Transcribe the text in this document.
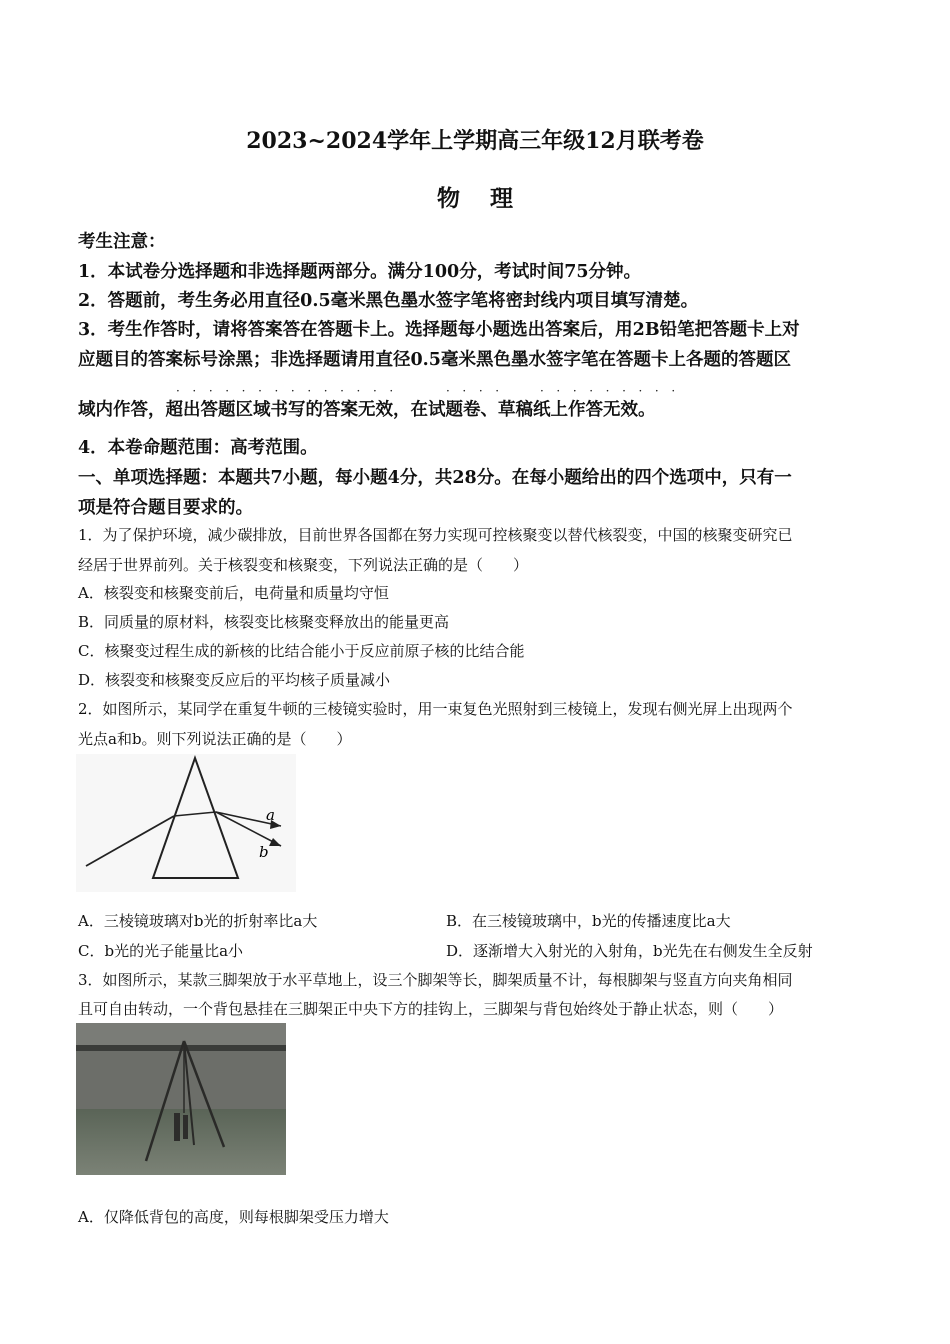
2023~2024学年上学期高三年级12月联考卷
物理
考生注意：
1．本试卷分选择题和非选择题两部分。满分100分，考试时间75分钟。
2．答题前，考生务必用直径0.5毫米黑色墨水签字笔将密封线内项目填写清楚。
3．考生作答时，请将答案答在答题卡上。选择题每小题选出答案后，用2B铅笔把答题卡上对
应题目的答案标号涂黑；非选择题请用直径0.5毫米黑色墨水签字笔在答题卡上各题的答题区
··············	···· ·········
域内作答，超出答题区域书写的答案无效，在试题卷、草稿纸上作答无效。
4．本卷命题范围：高考范围。
一、单项选择题：本题共7小题，每小题4分，共28分。在每小题给出的四个选项中，只有一
项是符合题目要求的。
1．为了保护环境，减少碳排放，目前世界各国都在努力实现可控核聚变以替代核裂变，中国的核聚变研究已
经居于世界前列。关于核裂变和核聚变，下列说法正确的是（　　）
A．核裂变和核聚变前后，电荷量和质量均守恒
B．同质量的原材料，核裂变比核聚变释放出的能量更高
C．核聚变过程生成的新核的比结合能小于反应前原子核的比结合能
D．核裂变和核聚变反应后的平均核子质量减小
2．如图所示，某同学在重复牛顿的三棱镜实验时，用一束复色光照射到三棱镜上，发现右侧光屏上出现两个
光点a和b。则下列说法正确的是（　　）
a
b
A．三棱镜玻璃对b光的折射率比a大	B．在三棱镜玻璃中，b光的传播速度比a大
C．b光的光子能量比a小	D．逐渐增大入射光的入射角，b光先在右侧发生全反射
3．如图所示，某款三脚架放于水平草地上，设三个脚架等长，脚架质量不计，每根脚架与竖直方向夹角相同
且可自由转动，一个背包悬挂在三脚架正中央下方的挂钩上，三脚架与背包始终处于静止状态，则（　　）
A．仅降低背包的高度，则每根脚架受压力增大
